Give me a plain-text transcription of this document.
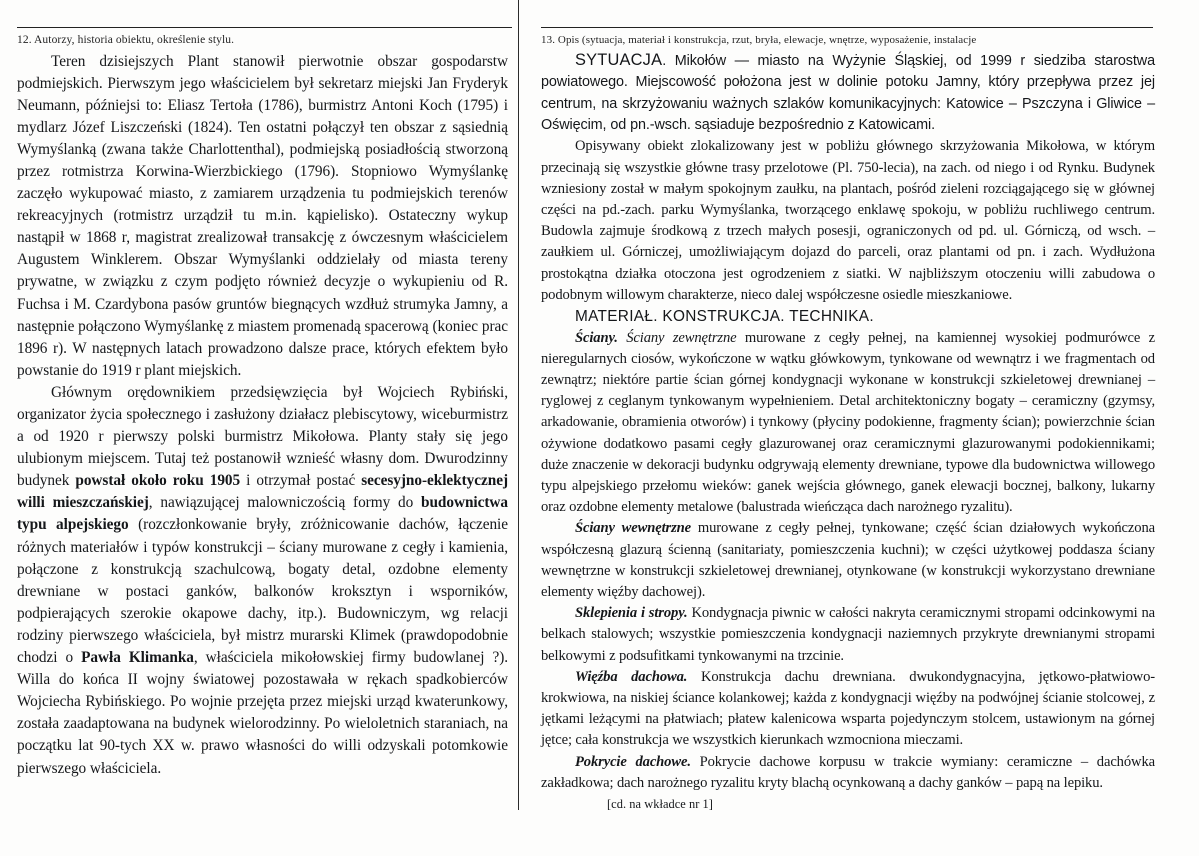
12. Autorzy, historia obiektu, określenie stylu.

Teren dzisiejszych Plant stanowił pierwotnie obszar gospodarstw podmiejskich. Pierwszym jego właścicielem był sekretarz miejski Jan Fryderyk Neumann, późniejsi to: Eliasz Tertoła (1786), burmistrz Antoni Koch (1795) i mydlarz Józef Liszczeński (1824). Ten ostatni połączył ten obszar z sąsiednią Wymyślanką (zwana także Charlottenthal), podmiejską posiadłością stworzoną przez rotmistrza Korwina-Wierzbickiego (1796). Stopniowo Wymyślankę zaczęło wykupować miasto, z zamiarem urządzenia tu podmiejskich terenów rekreacyjnych (rotmistrz urządził tu m.in. kąpielisko). Ostateczny wykup nastąpił w 1868 r, magistrat zrealizował transakcję z ówczesnym właścicielem Augustem Winklerem. Obszar Wymyślanki oddzielały od miasta tereny prywatne, w związku z czym podjęto również decyzje o wykupieniu od R. Fuchsa i M. Czardybona pasów gruntów biegnących wzdłuż strumyka Jamny, a następnie połączono Wymyślankę z miastem promenadą spacerową (koniec prac 1896 r). W następnych latach prowadzono dalsze prace, których efektem było powstanie do 1919 r plant miejskich.

Głównym orędownikiem przedsięwzięcia był Wojciech Rybiński, organizator życia społecznego i zasłużony działacz plebiscytowy, wiceburmistrz a od 1920 r pierwszy polski burmistrz Mikołowa. Planty stały się jego ulubionym miejscem. Tutaj też postanowił wznieść własny dom. Dwurodzinny budynek powstał około roku 1905 i otrzymał postać secesyjno-eklektycznej willi mieszczańskiej, nawiązującej malowniczością formy do budownictwa typu alpejskiego (rozczłonkowanie bryły, zróżnicowanie dachów, łączenie różnych materiałów i typów konstrukcji – ściany murowane z cegły i kamienia, połączone z konstrukcją szachulcową, bogaty detal, ozdobne elementy drewniane w postaci ganków, balkonów kroksztyn i wsporników, podpierających szerokie okapowe dachy, itp.). Budowniczym, wg relacji rodziny pierwszego właściciela, był mistrz murarski Klimek (prawdopodobnie chodzi o Pawła Klimanka, właściciela mikołowskiej firmy budowlanej ?). Willa do końca II wojny światowej pozostawała w rękach spadkobierców Wojciecha Rybińskiego. Po wojnie przejęta przez miejski urząd kwaterunkowy, została zaadaptowana na budynek wielorodzinny. Po wieloletnich staraniach, na początku lat 90-tych XX w. prawo własności do willi odzyskali potomkowie pierwszego właściciela.

13. Opis (sytuacja, materiał i konstrukcja, rzut, bryła, elewacje, wnętrze, wyposażenie, instalacje

SYTUACJA. Mikołów — miasto na Wyżynie Śląskiej, od 1999 r siedziba starostwa powiatowego. Miejscowość położona jest w dolinie potoku Jamny, który przepływa przez jej centrum, na skrzyżowaniu ważnych szlaków komunikacyjnych: Katowice – Pszczyna i Gliwice – Oświęcim, od pn.-wsch. sąsiaduje bezpośrednio z Katowicami.

Opisywany obiekt zlokalizowany jest w pobliżu głównego skrzyżowania Mikołowa, w którym przecinają się wszystkie główne trasy przelotowe (Pl. 750-lecia), na zach. od niego i od Rynku. Budynek wzniesiony został w małym spokojnym zaułku, na plantach, pośród zieleni rozciągającego się w głównej części na pd.-zach. parku Wymyślanka, tworzącego enklawę spokoju, w pobliżu ruchliwego centrum. Budowla zajmuje środkową z trzech małych posesji, ograniczonych od pd. ul. Górniczą, od wsch. – zaułkiem ul. Górniczej, umożliwiającym dojazd do parceli, oraz plantami od pn. i zach. Wydłużona prostokątna działka otoczona jest ogrodzeniem z siatki. W najbliższym otoczeniu willi zabudowa o podobnym willowym charakterze, nieco dalej współczesne osiedle mieszkaniowe.

MATERIAŁ. KONSTRUKCJA. TECHNIKA.

Ściany. Ściany zewnętrzne murowane z cegły pełnej, na kamiennej wysokiej podmurówce z nieregularnych ciosów, wykończone w wątku główkowym, tynkowane od wewnątrz i we fragmentach od zewnątrz; niektóre partie ścian górnej kondygnacji wykonane w konstrukcji szkieletowej drewnianej – ryglowej z ceglanym tynkowanym wypełnieniem. Detal architektoniczny bogaty – ceramiczny (gzymsy, arkadowanie, obramienia otworów) i tynkowy (płyciny podokienne, fragmenty ścian); powierzchnie ścian ożywione dodatkowo pasami cegły glazurowanej oraz ceramicznymi glazurowanymi podokiennikami; duże znaczenie w dekoracji budynku odgrywają elementy drewniane, typowe dla budownictwa willowego typu alpejskiego przełomu wieków: ganek wejścia głównego, ganek elewacji bocznej, balkony, lukarny oraz ozdobne elementy metalowe (balustrada wieńcząca dach narożnego ryzalitu).

Ściany wewnętrzne murowane z cegły pełnej, tynkowane; część ścian działowych wykończona współczesną glazurą ścienną (sanitariaty, pomieszczenia kuchni); w części użytkowej poddasza ściany wewnętrzne w konstrukcji szkieletowej drewnianej, otynkowane (w konstrukcji wykorzystano drewniane elementy więźby dachowej).

Sklepienia i stropy. Kondygnacja piwnic w całości nakryta ceramicznymi stropami odcinkowymi na belkach stalowych; wszystkie pomieszczenia kondygnacji naziemnych przykryte drewnianymi stropami belkowymi z podsufitkami tynkowanymi na trzcinie.

Więźba dachowa. Konstrukcja dachu drewniana. dwukondygnacyjna, jętkowo-płatwiowo-krokwiowa, na niskiej ściance kolankowej; każda z kondygnacji więźby na podwójnej ścianie stolcowej, z jętkami leżącymi na płatwiach; płatew kalenicowa wsparta pojedynczym stolcem, ustawionym na górnej jętce; cała konstrukcja we wszystkich kierunkach wzmocniona mieczami.

Pokrycie dachowe. Pokrycie dachowe korpusu w trakcie wymiany: ceramiczne – dachówka zakładkowa; dach narożnego ryzalitu kryty blachą ocynkowaną a dachy ganków – papą na lepiku.

[cd. na wkładce nr 1]
